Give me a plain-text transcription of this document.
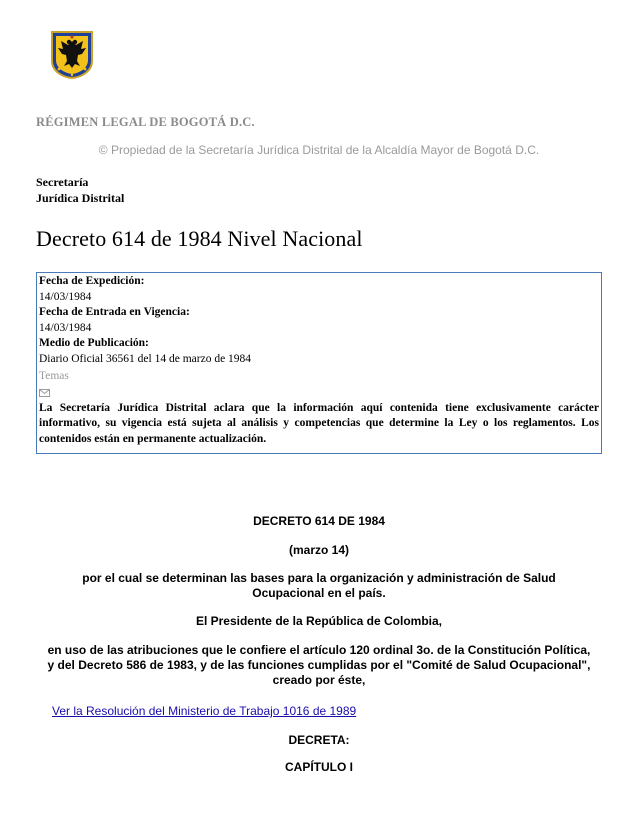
RÉGIMEN LEGAL DE BOGOTÁ D.C.
© Propiedad de la Secretaría Jurídica Distrital de la Alcaldía Mayor de Bogotá D.C.
Secretaría
Jurídica Distrital
Decreto 614 de 1984 Nivel Nacional
Fecha de Expedición:
14/03/1984
Fecha de Entrada en Vigencia:
14/03/1984
Medio de Publicación:
Diario Oficial 36561 del 14 de marzo de 1984
Temas
La Secretaría Jurídica Distrital aclara que la información aquí contenida tiene exclusivamente carácter informativo, su vigencia está sujeta al análisis y competencias que determine la Ley o los reglamentos. Los contenidos están en permanente actualización.

DECRETO 614 DE 1984

(marzo 14)

por el cual se determinan las bases para la organización y administración de Salud Ocupacional en el país.

El Presidente de la República de Colombia,

en uso de las atribuciones que le confiere el artículo 120 ordinal 3o. de la Constitución Política, y del Decreto 586 de 1983, y de las funciones cumplidas por el "Comité de Salud Ocupacional", creado por éste,

Ver la Resolución del Ministerio de Trabajo 1016 de 1989
DECRETA:
CAPÍTULO I
